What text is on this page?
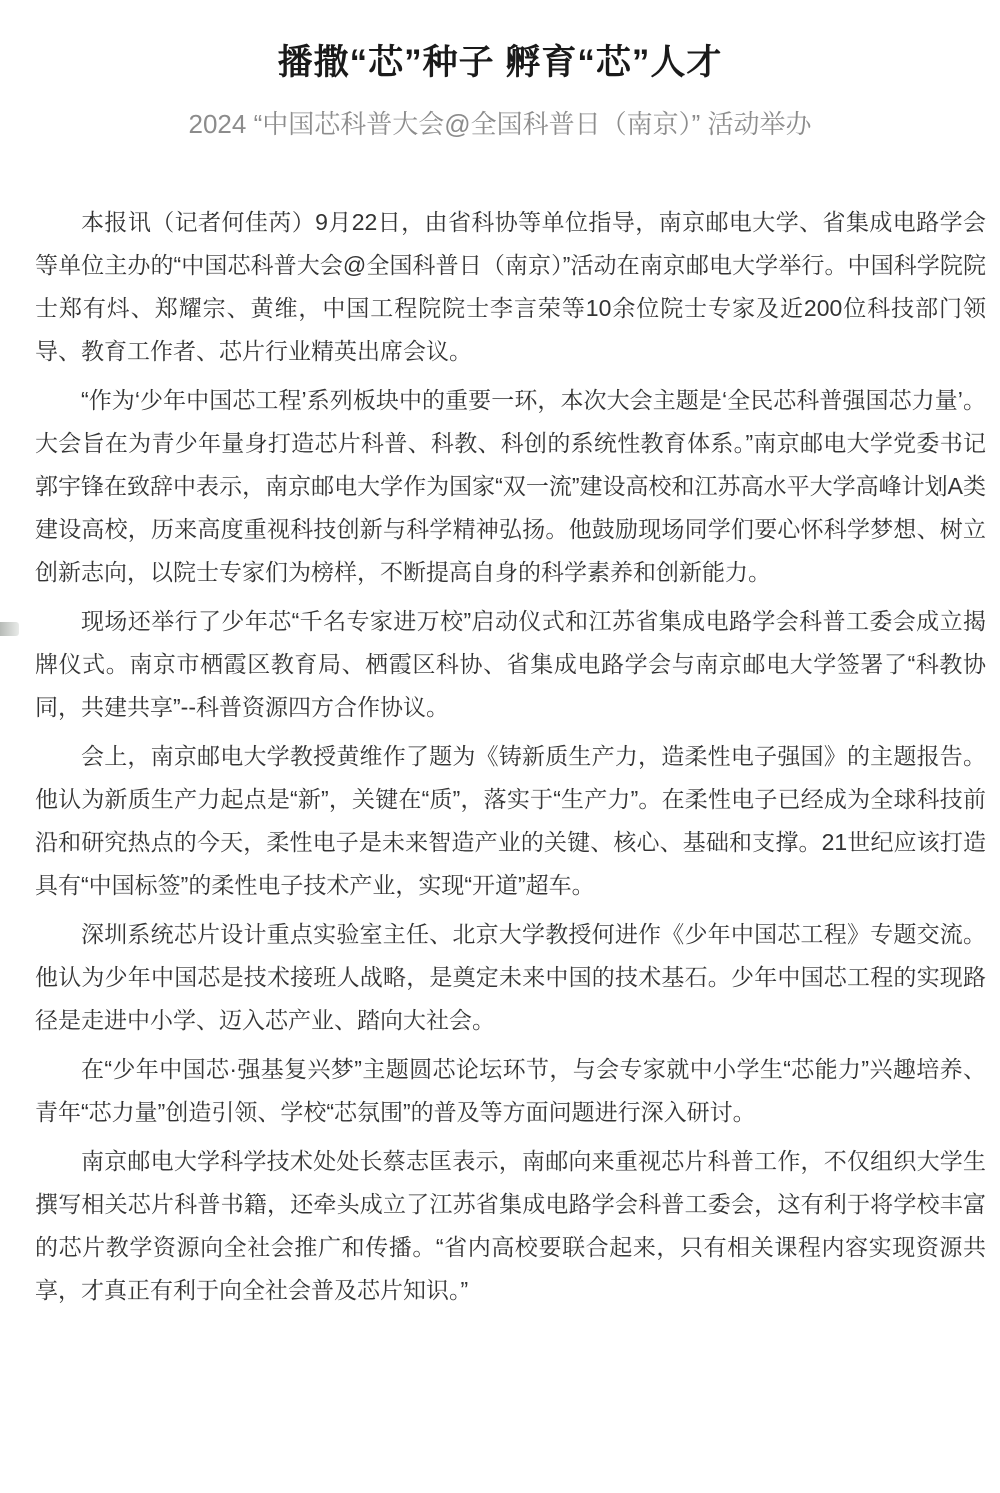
播撒“芯”种子 孵育“芯”人才
2024 “中国芯科普大会@全国科普日（南京）” 活动举办

本报讯（记者何佳芮）9月22日，由省科协等单位指导，南京邮电大学、省集成电路学会等单位主办的“中国芯科普大会@全国科普日（南京）”活动在南京邮电大学举行。中国科学院院士郑有炓、郑耀宗、黄维，中国工程院院士李言荣等10余位院士专家及近200位科技部门领导、教育工作者、芯片行业精英出席会议。

“作为‘少年中国芯工程’系列板块中的重要一环，本次大会主题是‘全民芯科普强国芯力量’。大会旨在为青少年量身打造芯片科普、科教、科创的系统性教育体系。”南京邮电大学党委书记郭宇锋在致辞中表示，南京邮电大学作为国家“双一流”建设高校和江苏高水平大学高峰计划A类建设高校，历来高度重视科技创新与科学精神弘扬。他鼓励现场同学们要心怀科学梦想、树立创新志向，以院士专家们为榜样，不断提高自身的科学素养和创新能力。

现场还举行了少年芯“千名专家进万校”启动仪式和江苏省集成电路学会科普工委会成立揭牌仪式。南京市栖霞区教育局、栖霞区科协、省集成电路学会与南京邮电大学签署了“科教协同，共建共享”--科普资源四方合作协议。

会上，南京邮电大学教授黄维作了题为《铸新质生产力，造柔性电子强国》的主题报告。他认为新质生产力起点是“新”，关键在“质”，落实于“生产力”。在柔性电子已经成为全球科技前沿和研究热点的今天，柔性电子是未来智造产业的关键、核心、基础和支撑。21世纪应该打造具有“中国标签”的柔性电子技术产业，实现“开道”超车。

深圳系统芯片设计重点实验室主任、北京大学教授何进作《少年中国芯工程》专题交流。他认为少年中国芯是技术接班人战略，是奠定未来中国的技术基石。少年中国芯工程的实现路径是走进中小学、迈入芯产业、踏向大社会。

在“少年中国芯·强基复兴梦”主题圆芯论坛环节，与会专家就中小学生“芯能力”兴趣培养、青年“芯力量”创造引领、学校“芯氛围”的普及等方面问题进行深入研讨。

南京邮电大学科学技术处处长蔡志匡表示，南邮向来重视芯片科普工作，不仅组织大学生撰写相关芯片科普书籍，还牵头成立了江苏省集成电路学会科普工委会，这有利于将学校丰富的芯片教学资源向全社会推广和传播。“省内高校要联合起来，只有相关课程内容实现资源共享，才真正有利于向全社会普及芯片知识。”
